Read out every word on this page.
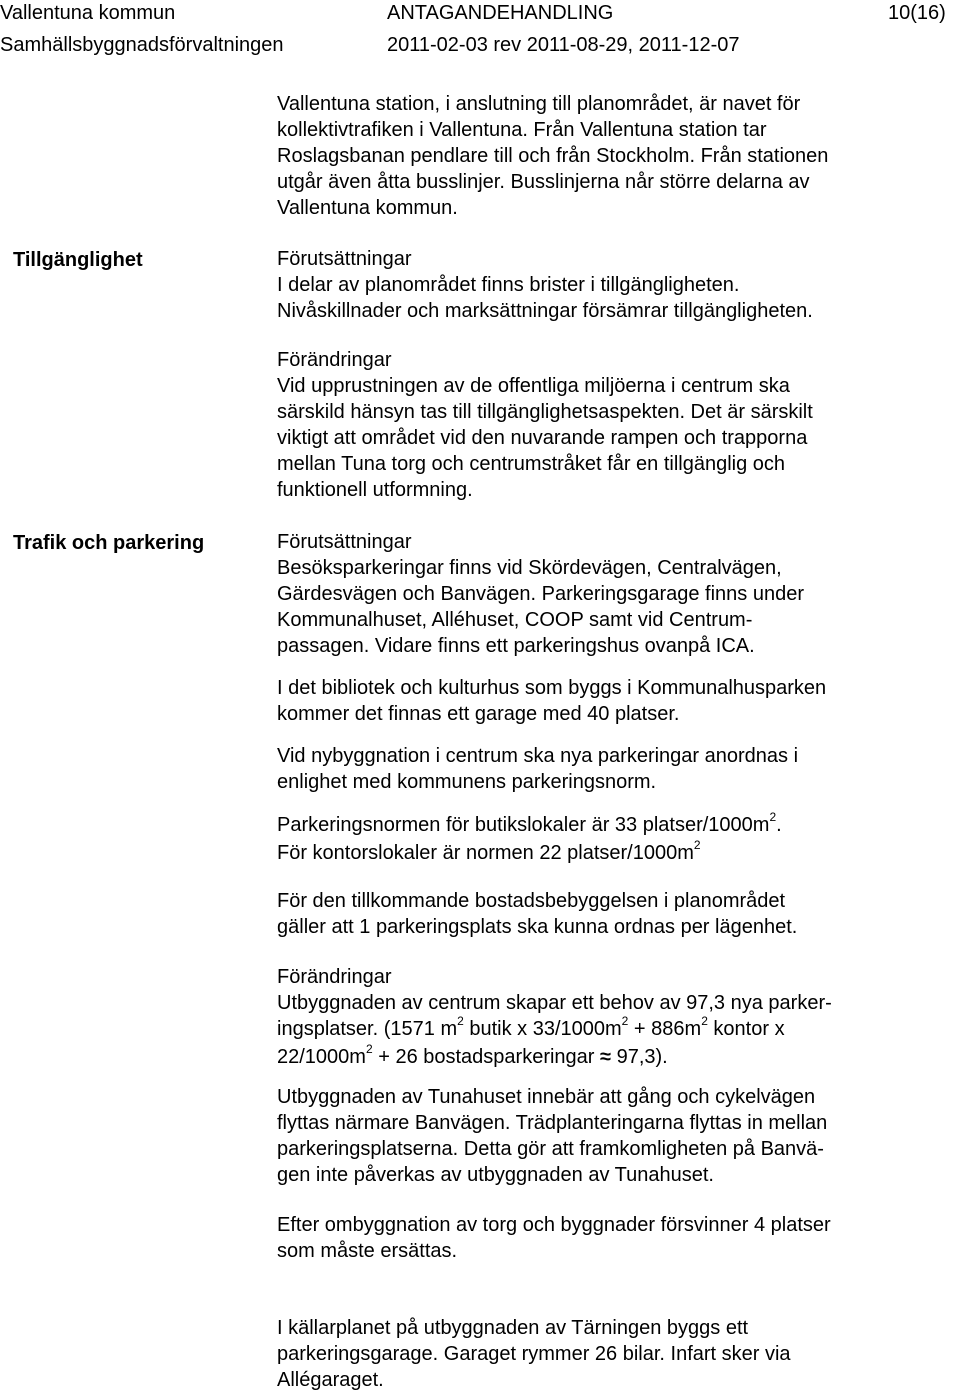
Vallentuna kommun	ANTAGANDEHANDLING	10(16)
Samhällsbyggnadsförvaltningen	2011-02-03 rev 2011-08-29, 2011-12-07
Vallentuna station, i anslutning till planområdet, är navet för
kollektivtrafiken i Vallentuna. Från Vallentuna station tar
Roslagsbanan pendlare till och från Stockholm. Från stationen
utgår även åtta busslinjer. Busslinjerna når större delarna av
Vallentuna kommun.
Tillgänglighet	Förutsättningar
I delar av planområdet finns brister i tillgängligheten.
Nivåskillnader och marksättningar försämrar tillgängligheten.
Förändringar
Vid upprustningen av de offentliga miljöerna i centrum ska
särskild hänsyn tas till tillgänglighetsaspekten. Det är särskilt
viktigt att området vid den nuvarande rampen och trapporna
mellan Tuna torg och centrumstråket får en tillgänglig och
funktionell utformning.
Trafik och parkering	Förutsättningar
Besöksparkeringar finns vid Skördevägen, Centralvägen,
Gärdesvägen och Banvägen. Parkeringsgarage finns under
Kommunalhuset, Alléhuset, COOP samt vid Centrum-
passagen. Vidare finns ett parkeringshus ovanpå ICA.
I det bibliotek och kulturhus som byggs i Kommunalhusparken
kommer det finnas ett garage med 40 platser.
Vid nybyggnation i centrum ska nya parkeringar anordnas i
enlighet med kommunens parkeringsnorm.
Parkeringsnormen för butikslokaler är 33 platser/$1000m^2$.
För kontorslokaler är normen 22 platser/$1000m^2$
För den tillkommande bostadsbebyggelsen i planområdet
gäller att 1 parkeringsplats ska kunna ordnas per lägenhet.
Förändringar
Utbyggnaden av centrum skapar ett behov av 97,3 nya parker-
ingsplatser. (1571 $m^2$ butik x $33/1000m^2 + 886m^2$ kontor x
$22/1000m^2 + 26$ bostadsparkeringar ≈ 97,3).
Utbyggnaden av Tunahuset innebär att gång och cykelvägen
flyttas närmare Banvägen. Trädplanteringarna flyttas in mellan
parkeringsplatserna. Detta gör att framkomligheten på Banvä-
gen inte påverkas av utbyggnaden av Tunahuset.
Efter ombyggnation av torg och byggnader försvinner 4 platser
som måste ersättas.
I källarplanet på utbyggnaden av Tärningen byggs ett
parkeringsgarage. Garaget rymmer 26 bilar. Infart sker via
Allégaraget.
